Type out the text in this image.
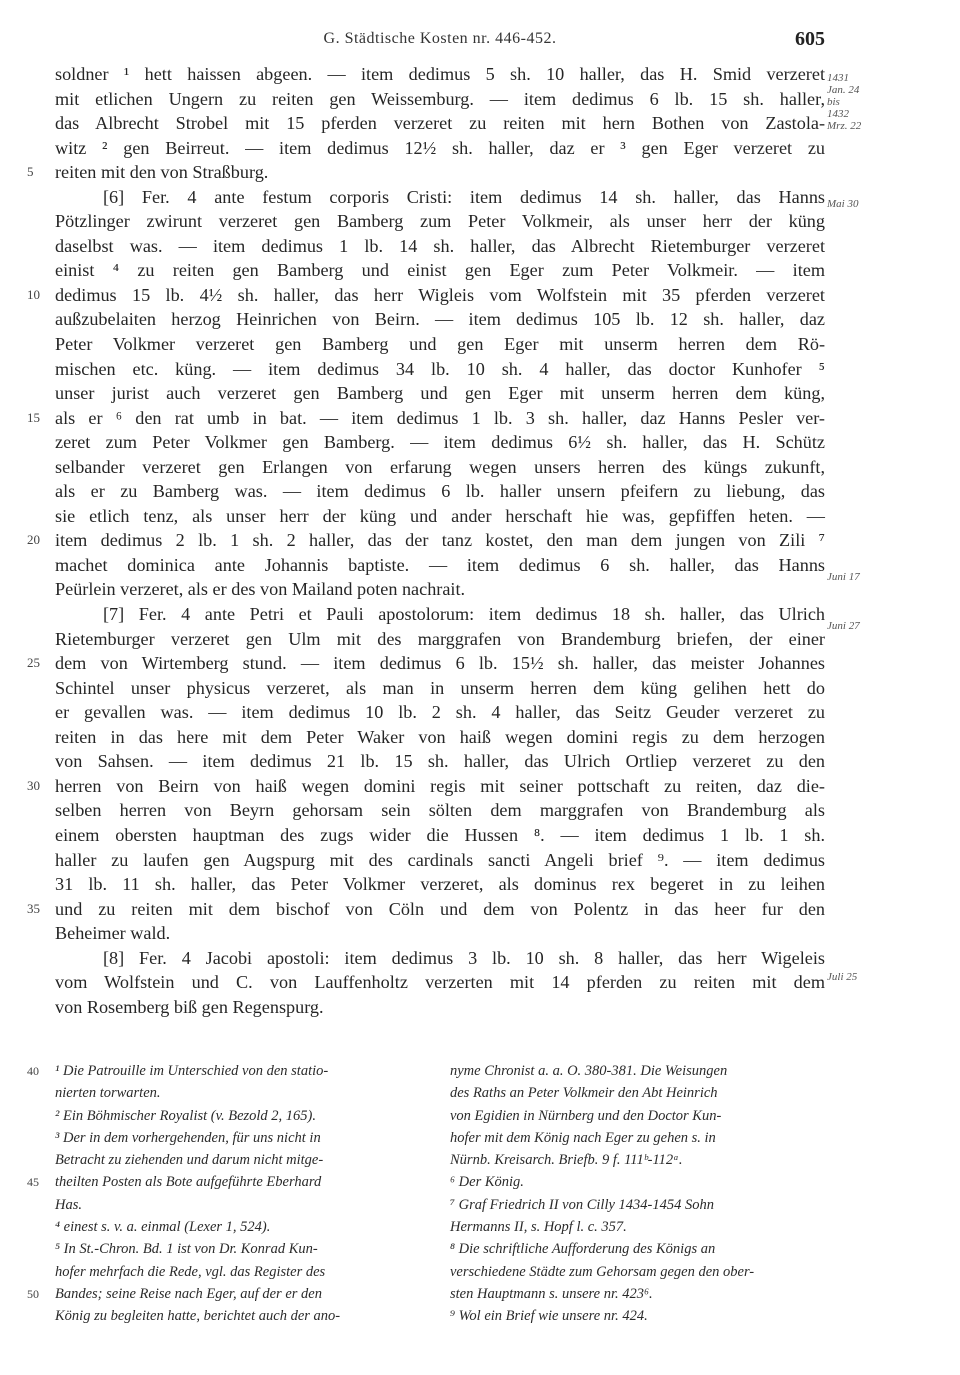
G. Städtische Kosten nr. 446-452.	605
soldner ¹ hett haissen abgeen. — item dedimus 5 sh. 10 haller, das H. Smid verzeret
mit etlichen Ungern zu reiten gen Weissemburg. — item dedimus 6 lb. 15 sh. haller,
das Albrecht Strobel mit 15 pferden verzeret zu reiten mit hern Bothen von Zastola-
witz ² gen Beirreut. — item dedimus 12½ sh. haller, daz er ³ gen Eger verzeret zu
5	reiten mit den von Straßburg.
[6] Fer. 4 ante festum corporis Cristi: item dedimus 14 sh. haller, das Hanns
Pötzlinger zwirunt verzeret gen Bamberg zum Peter Volkmeir, als unser herr der küng
daselbst was. — item dedimus 1 lb. 14 sh. haller, das Albrecht Rietemburger verzeret
einist ⁴ zu reiten gen Bamberg und einist gen Eger zum Peter Volkmeir. — item
10 dedimus 15 lb. 4½ sh. haller, das herr Wigleis vom Wolfstein mit 35 pferden verzeret
außzubelaiten herzog Heinrichen von Beirn. — item dedimus 105 lb. 12 sh. haller, daz
Peter Volkmer verzeret gen Bamberg und gen Eger mit unserm herren dem Rö-
mischen etc. küng. — item dedimus 34 lb. 10 sh. 4 haller, das doctor Kunhofer ⁵
unser jurist auch verzeret gen Bamberg und gen Eger mit unserm herren dem küng,
15 als er ⁶ den rat umb in bat. — item dedimus 1 lb. 3 sh. haller, daz Hanns Pesler ver-
zeret zum Peter Volkmer gen Bamberg. — item dedimus 6½ sh. haller, das H. Schütz
selbander verzeret gen Erlangen von erfarung wegen unsers herren des küngs zukunft,
als er zu Bamberg was. — item dedimus 6 lb. haller unsern pfeifern zu liebung, das
sie etlich tenz, als unser herr der küng und ander herschaft hie was, gepfiffen heten. —
20 item dedimus 2 lb. 1 sh. 2 haller, das der tanz kostet, den man dem jungen von Zili ⁷
machet dominica ante Johannis baptiste. — item dedimus 6 sh. haller, das Hanns
Peürlein verzeret, als er des von Mailand poten nachrait.
[7] Fer. 4 ante Petri et Pauli apostolorum: item dedimus 18 sh. haller, das Ulrich
Rietemburger verzeret gen Ulm mit des marggrafen von Brandemburg briefen, der einer
25 dem von Wirtemberg stund. — item dedimus 6 lb. 15½ sh. haller, das meister Johannes
Schintel unser physicus verzeret, als man in unserm herren dem küng gelihen hett do
er gevallen was. — item dedimus 10 lb. 2 sh. 4 haller, das Seitz Geuder verzeret zu
reiten in das here mit dem Peter Waker von haiß wegen domini regis zu dem herzogen
von Sahsen. — item dedimus 21 lb. 15 sh. haller, das Ulrich Ortliep verzeret zu den
30 herren von Beirn von haiß wegen domini regis mit seiner pottschaft zu reiten, daz die-
selben herren von Beyrn gehorsam sein sölten dem marggrafen von Brandemburg als
einem obersten hauptman des zugs wider die Hussen ⁸. — item dedimus 1 lb. 1 sh.
haller zu laufen gen Augspurg mit des cardinals sancti Angeli brief ⁹. — item dedimus
31 lb. 11 sh. haller, das Peter Volkmer verzeret, als dominus rex begeret in zu leihen
35 und zu reiten mit dem bischof von Cöln und dem von Polentz in das heer fur den
Beheimer wald.
[8] Fer. 4 Jacobi apostoli: item dedimus 3 lb. 10 sh. 8 haller, das herr Wigeleis
vom Wolfstein und C. von Lauffenholtz verzerten mit 14 pferden zu reiten mit dem
von Rosemberg biß gen Regenspurg.
1431
Jan. 24
bis
1432
Mrz. 22
Mai 30
Juni 17
Juni 27
Juli 25
40 ¹ Die Patrouille im Unterschied von den statio-
nierten torwarten.
² Ein Böhmischer Royalist (v. Bezold 2, 165).
³ Der in dem vorhergehenden, für uns nicht in
Betracht zu ziehenden und darum nicht mitge-
45 theilten Posten als Bote aufgeführte Eberhard
Has.
⁴ einest s. v. a. einmal (Lexer 1, 524).
⁵ In St.-Chron. Bd. 1 ist von Dr. Konrad Kun-
hofer mehrfach die Rede, vgl. das Register des
50 Bandes; seine Reise nach Eger, auf der er den
König zu begleiten hatte, berichtet auch der ano-
nyme Chronist a. a. O. 380-381. Die Weisungen
des Raths an Peter Volkmeir den Abt Heinrich
von Egidien in Nürnberg und den Doctor Kun-
hofer mit dem König nach Eger zu gehen s. in
Nürnb. Kreisarch. Briefb. 9 f. 111ᵇ-112ᵃ.
⁶ Der König.
⁷ Graf Friedrich II von Cilly 1434-1454 Sohn
Hermanns II, s. Hopf l. c. 357.
⁸ Die schriftliche Aufforderung des Königs an
verschiedene Städte zum Gehorsam gegen den ober-
sten Hauptmann s. unsere nr. 423⁶.
⁹ Wol ein Brief wie unsere nr. 424.
